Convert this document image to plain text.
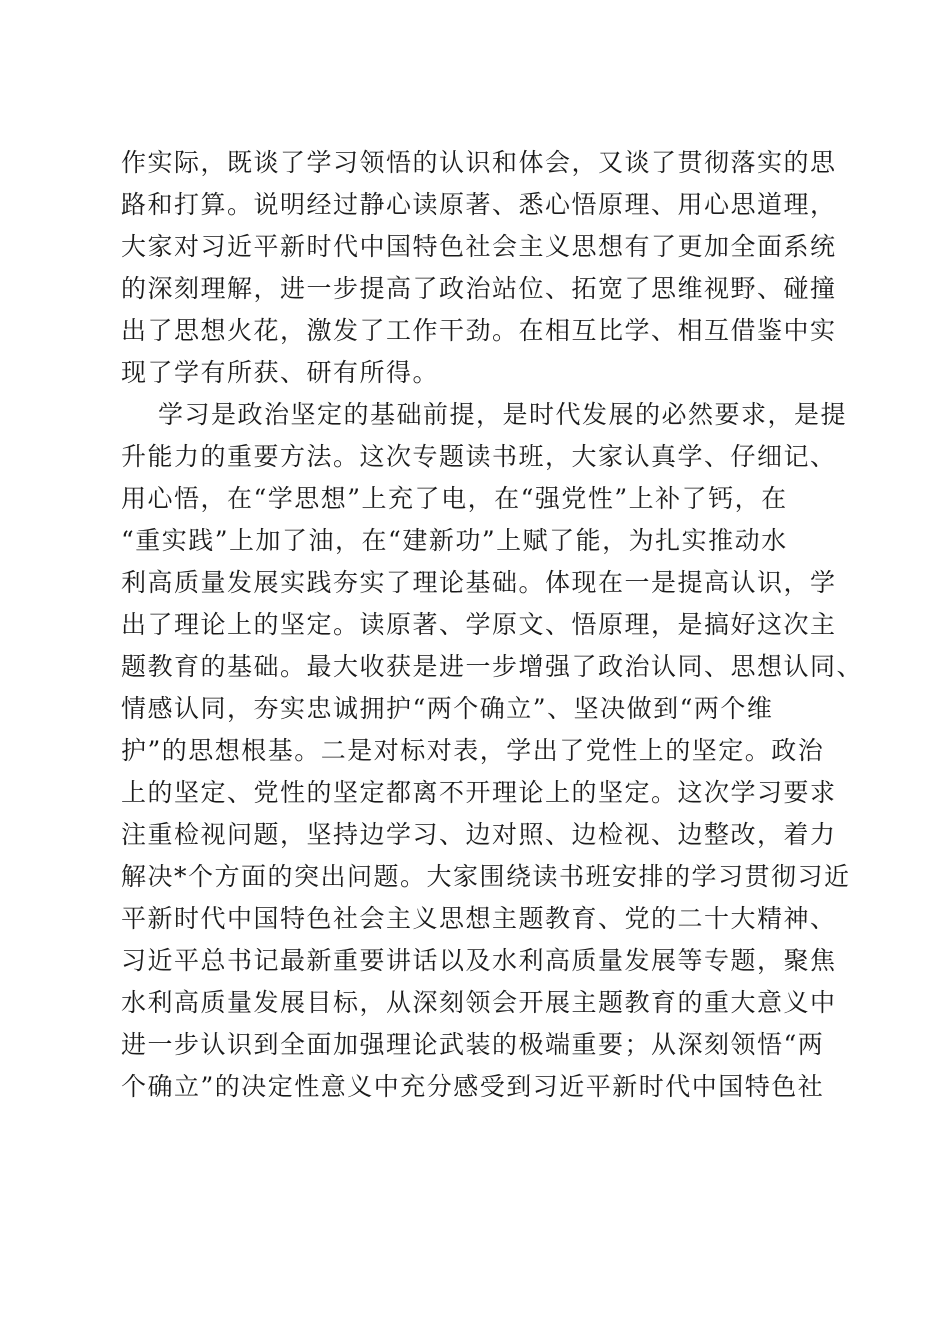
作实际，既谈了学习领悟的认识和体会，又谈了贯彻落实的思
路和打算。说明经过静心读原著、悉心悟原理、用心思道理，
大家对习近平新时代中国特色社会主义思想有了更加全面系统
的深刻理解，进一步提高了政治站位、拓宽了思维视野、碰撞
出了思想火花，激发了工作干劲。在相互比学、相互借鉴中实
现了学有所获、研有所得。
学习是政治坚定的基础前提，是时代发展的必然要求，是提
升能力的重要方法。这次专题读书班，大家认真学、仔细记、
用心悟，在“学思想”上充了电，在“强党性”上补了钙，在
“重实践”上加了油，在“建新功”上赋了能，为扎实推动水
利高质量发展实践夯实了理论基础。体现在一是提高认识，学
出了理论上的坚定。读原著、学原文、悟原理，是搞好这次主
题教育的基础。最大收获是进一步增强了政治认同、思想认同、
情感认同，夯实忠诚拥护“两个确立”、坚决做到“两个维
护”的思想根基。二是对标对表，学出了党性上的坚定。政治
上的坚定、党性的坚定都离不开理论上的坚定。这次学习要求
注重检视问题，坚持边学习、边对照、边检视、边整改，着力
解决*个方面的突出问题。大家围绕读书班安排的学习贯彻习近
平新时代中国特色社会主义思想主题教育、党的二十大精神、
习近平总书记最新重要讲话以及水利高质量发展等专题，聚焦
水利高质量发展目标，从深刻领会开展主题教育的重大意义中
进一步认识到全面加强理论武装的极端重要；从深刻领悟“两
个确立”的决定性意义中充分感受到习近平新时代中国特色社
